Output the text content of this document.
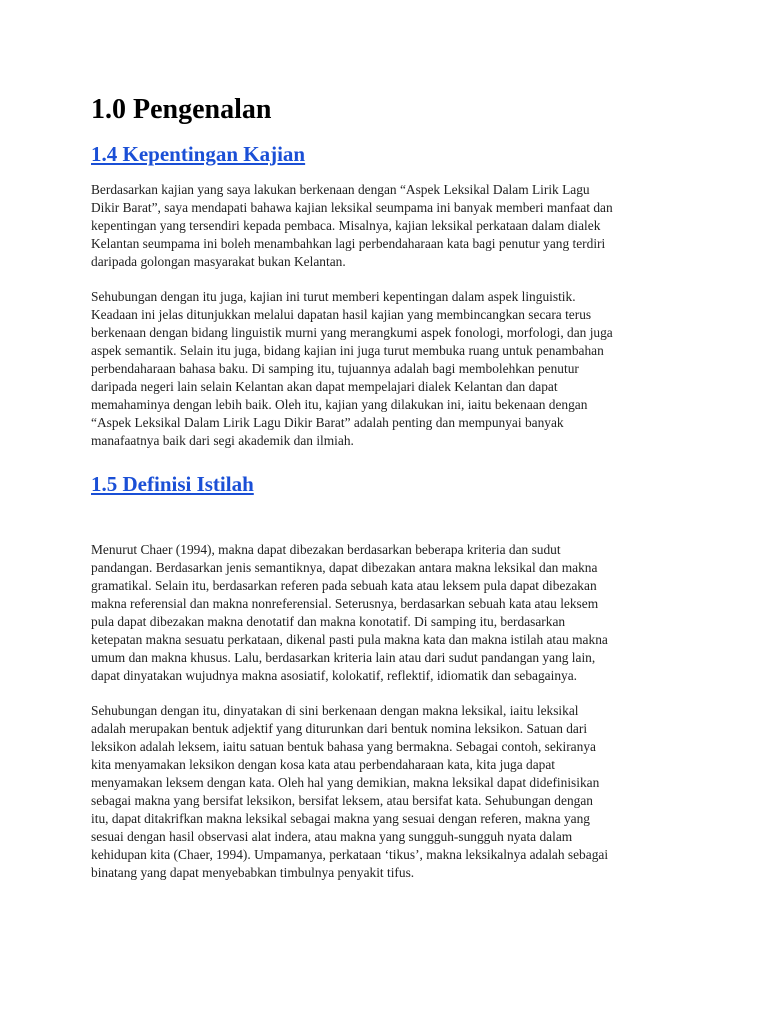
1.0 Pengenalan
1.4 Kepentingan Kajian

Berdasarkan kajian yang saya lakukan berkenaan dengan “Aspek Leksikal Dalam Lirik Lagu
Dikir Barat”, saya mendapati bahawa kajian leksikal seumpama ini banyak memberi manfaat dan
kepentingan yang tersendiri kepada pembaca. Misalnya, kajian leksikal perkataan dalam dialek
Kelantan seumpama ini boleh menambahkan lagi perbendaharaan kata bagi penutur yang terdiri
daripada golongan masyarakat bukan Kelantan.

Sehubungan dengan itu juga, kajian ini turut memberi kepentingan dalam aspek linguistik.
Keadaan ini jelas ditunjukkan melalui dapatan hasil kajian yang membincangkan secara terus
berkenaan dengan bidang linguistik murni yang merangkumi aspek fonologi, morfologi, dan juga
aspek semantik. Selain itu juga, bidang kajian ini juga turut membuka ruang untuk penambahan
perbendaharaan bahasa baku. Di samping itu, tujuannya adalah bagi membolehkan penutur
daripada negeri lain selain Kelantan akan dapat mempelajari dialek Kelantan dan dapat
memahaminya dengan lebih baik. Oleh itu, kajian yang dilakukan ini, iaitu bekenaan dengan
“Aspek Leksikal Dalam Lirik Lagu Dikir Barat” adalah penting dan mempunyai banyak
manafaatnya baik dari segi akademik dan ilmiah.

1.5 Definisi Istilah

Menurut Chaer (1994), makna dapat dibezakan berdasarkan beberapa kriteria dan sudut
pandangan. Berdasarkan jenis semantiknya, dapat dibezakan antara makna leksikal dan makna
gramatikal. Selain itu, berdasarkan referen pada sebuah kata atau leksem pula dapat dibezakan
makna referensial dan makna nonreferensial. Seterusnya, berdasarkan sebuah kata atau leksem
pula dapat dibezakan makna denotatif dan makna konotatif. Di samping itu, berdasarkan
ketepatan makna sesuatu perkataan, dikenal pasti pula makna kata dan makna istilah atau makna
umum dan makna khusus. Lalu, berdasarkan kriteria lain atau dari sudut pandangan yang lain,
dapat dinyatakan wujudnya makna asosiatif, kolokatif, reflektif, idiomatik dan sebagainya.

Sehubungan dengan itu, dinyatakan di sini berkenaan dengan makna leksikal, iaitu leksikal
adalah merupakan bentuk adjektif yang diturunkan dari bentuk nomina leksikon. Satuan dari
leksikon adalah leksem, iaitu satuan bentuk bahasa yang bermakna. Sebagai contoh, sekiranya
kita menyamakan leksikon dengan kosa kata atau perbendaharaan kata, kita juga dapat
menyamakan leksem dengan kata. Oleh hal yang demikian, makna leksikal dapat didefinisikan
sebagai makna yang bersifat leksikon, bersifat leksem, atau bersifat kata. Sehubungan dengan
itu, dapat ditakrifkan makna leksikal sebagai makna yang sesuai dengan referen, makna yang
sesuai dengan hasil observasi alat indera, atau makna yang sungguh-sungguh nyata dalam
kehidupan kita (Chaer, 1994). Umpamanya, perkataan ‘tikus’, makna leksikalnya adalah sebagai
binatang yang dapat menyebabkan timbulnya penyakit tifus.
